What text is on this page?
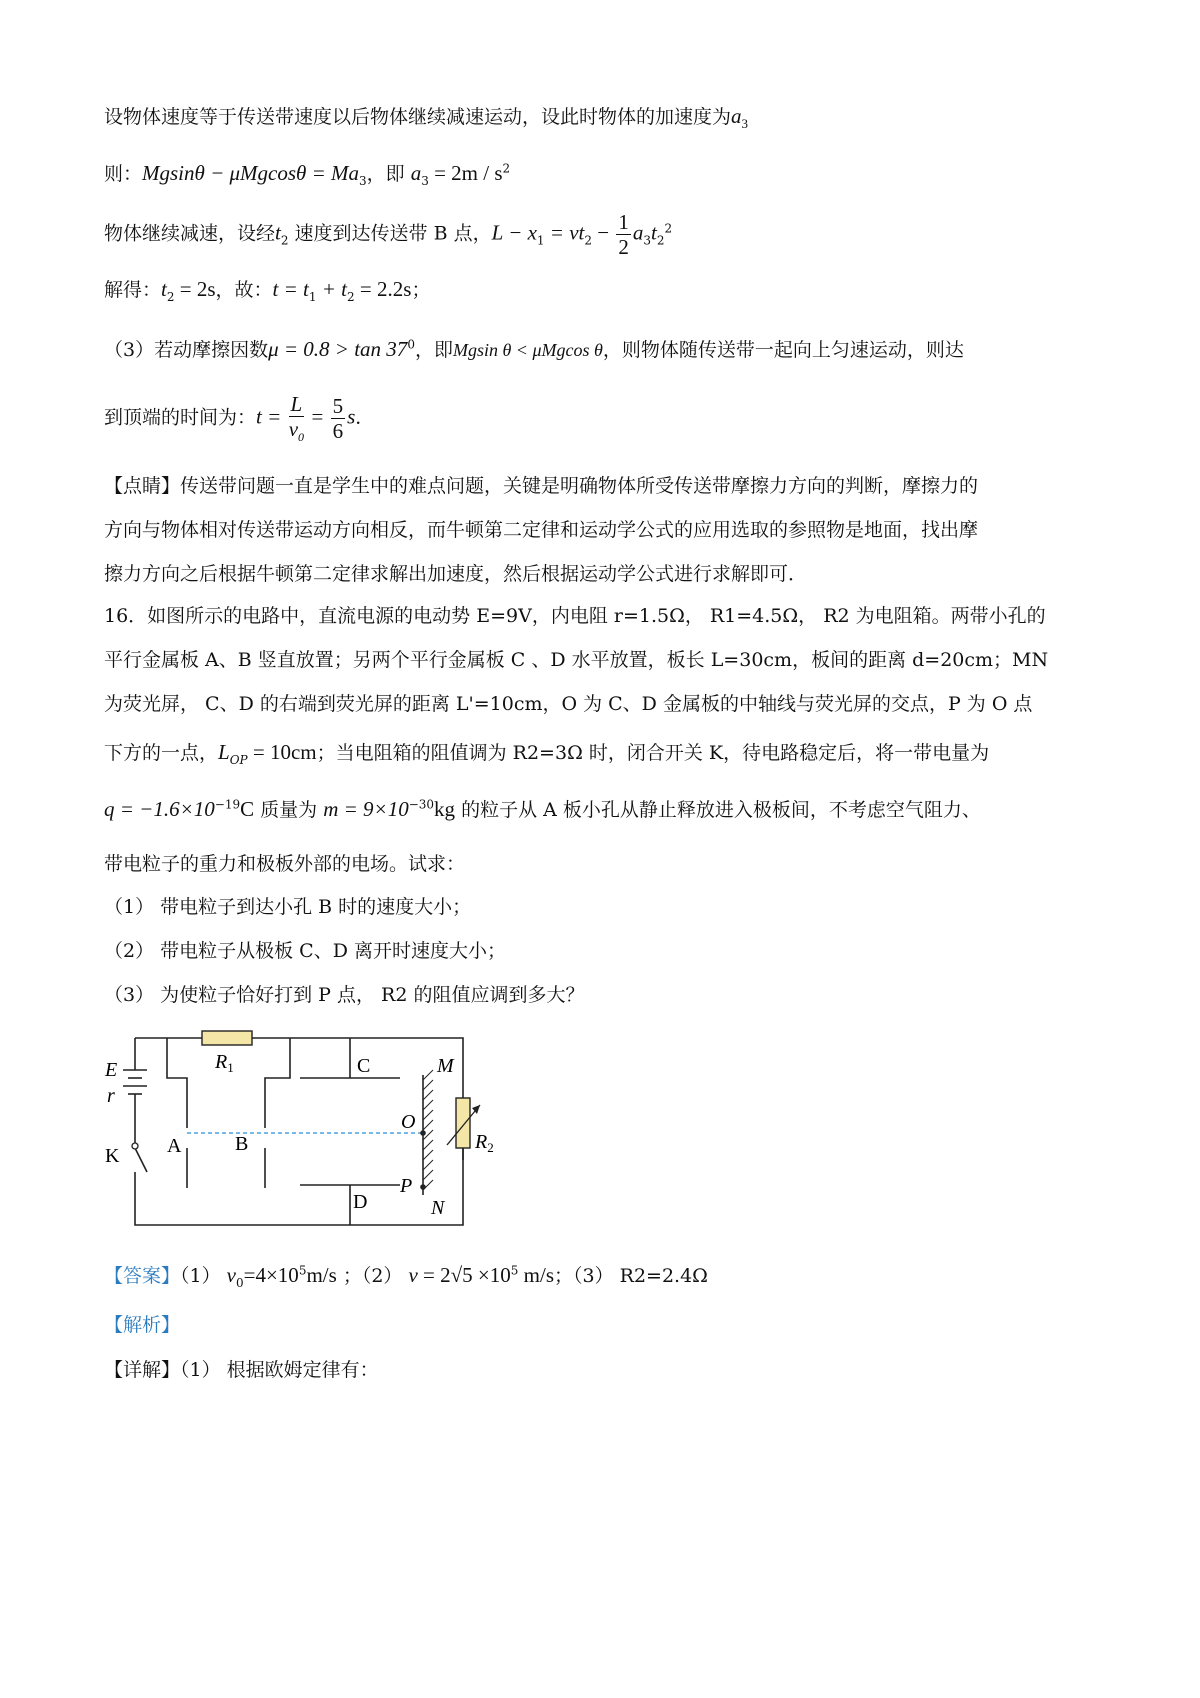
设物体速度等于传送带速度以后物体继续减速运动，设此时物体的加速度为$a_3$
则：$Mgsin\theta - \mu Mgcos\theta = Ma_3$，即 $a_3 = 2m / s^2$
物体继续减速，设经$t_2$ 速度到达传送带 B 点，$L - x_1 = vt_2 - \frac{1}{2} a_3t_2^2$
解得：$t_2 = 2s$，故：$t = t_1 + t_2 = 2.2s$；
（3）若动摩擦因数$\mu = 0.8 > \tan 37^0$，即Mgsin θ < μMgcos θ，则物体随传送带一起向上匀速运动，则达
到顶端的时间为：$t = \frac{L}{v_0} = \frac{5}{6}$ s．
【点睛】传送带问题一直是学生中的难点问题，关键是明确物体所受传送带摩擦力方向的判断，摩擦力的
方向与物体相对传送带运动方向相反，而牛顿第二定律和运动学公式的应用选取的参照物是地面，找出摩
擦力方向之后根据牛顿第二定律求解出加速度，然后根据运动学公式进行求解即可．
16．如图所示的电路中，直流电源的电动势 E=9V，内电阻 r=1.5Ω， R1=4.5Ω， R2 为电阻箱。两带小孔的
平行金属板 A、B 竖直放置；另两个平行金属板 C 、D 水平放置，板长 L=30cm，板间的距离 d=20cm；MN
为荧光屏， C、D 的右端到荧光屏的距离 L'=10cm，O 为 C、D 金属板的中轴线与荧光屏的交点，P 为 O 点
下方的一点，$L_{OP} = 10cm$；当电阻箱的阻值调为 R2=3Ω 时，闭合开关 K，待电路稳定后，将一带电量为
$q = -1.6\times 10^{-19}C$ 质量为 $m = 9\times 10^{-30}kg$ 的粒子从 A 板小孔从静止释放进入极板间，不考虑空气阻力、
带电粒子的重力和极板外部的电场。试求：
（1） 带电粒子到达小孔 B 时的速度大小；
（2） 带电粒子从极板 C、D 离开时速度大小；
（3） 为使粒子恰好打到 P 点， R2 的阻值应调到多大？
E
r
K
$R_1$
A	B
C
D
M
N
O
P
$R_2$
【答案】（1） $v_0=4\times 10^5m/s$ ；（2） $v = 2√5 \times 10^5$ m/s；（3） R2=2.4Ω
【解析】
【详解】（1） 根据欧姆定律有：
